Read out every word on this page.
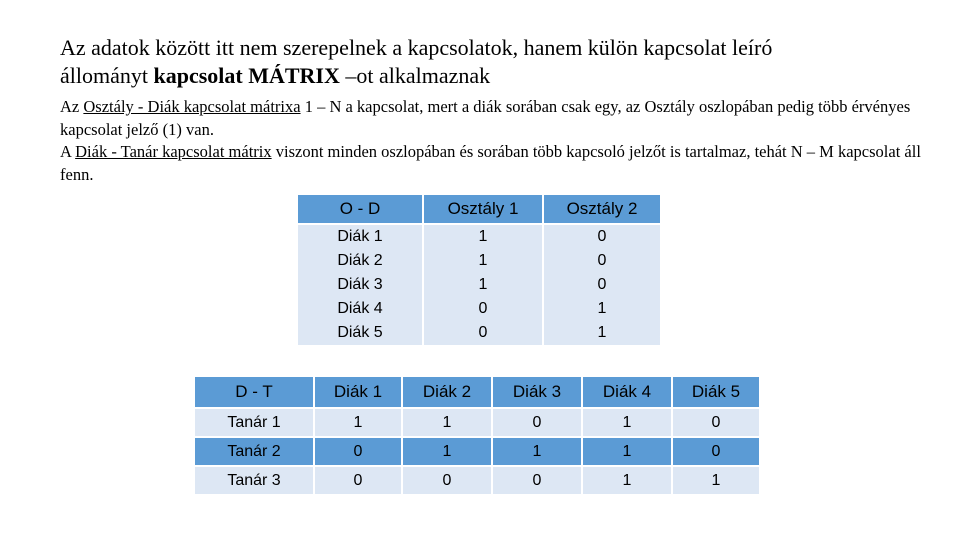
Az adatok között itt nem szerepelnek a kapcsolatok, hanem külön kapcsolat leíró
állományt kapcsolat MÁTRIX –ot alkalmaznak

Az Osztály - Diák kapcsolat mátrixa 1 – N a kapcsolat, mert a diák sorában csak egy, az Osztály oszlopában pedig több érvényes kapcsolat jelző (1) van.

A Diák - Tanár kapcsolat mátrix viszont minden oszlopában és sorában több kapcsoló jelzőt is tartalmaz, tehát N – M kapcsolat áll fenn.

O - D	Osztály 1	Osztály 2
Diák 1	1	0
Diák 2	1	0
Diák 3	1	0
Diák 4	0	1
Diák 5	0	1
D - T	Diák 1	Diák 2	Diák 3	Diák 4	Diák 5
Tanár 1	1	1	0	1	0
Tanár 2	0	1	1	1	0
Tanár 3	0	0	0	1	1
